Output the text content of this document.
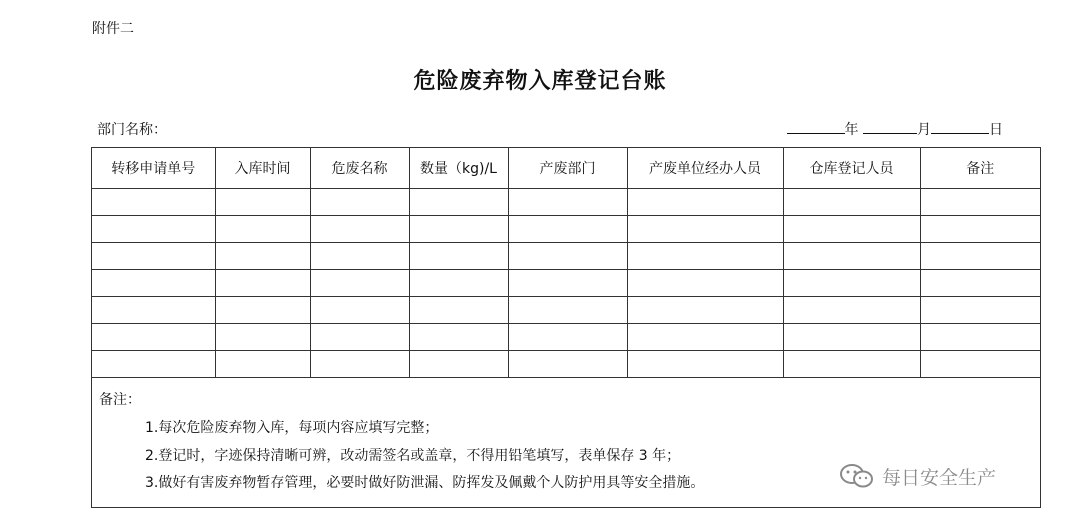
附件二
危险废弃物入库登记台账
部门名称：	年	月	日
转移申请单号	入库时间	危废名称	数量（kg)/L	产废部门	产废单位经办人员	仓库登记人员	备注

备注：
1.每次危险废弃物入库，每项内容应填写完整；
2.登记时，字迹保持清晰可辨，改动需签名或盖章，不得用铅笔填写，表单保存 3 年；
3.做好有害废弃物暂存管理，必要时做好防泄漏、防挥发及佩戴个人防护用具等安全措施。	每日安全生产
